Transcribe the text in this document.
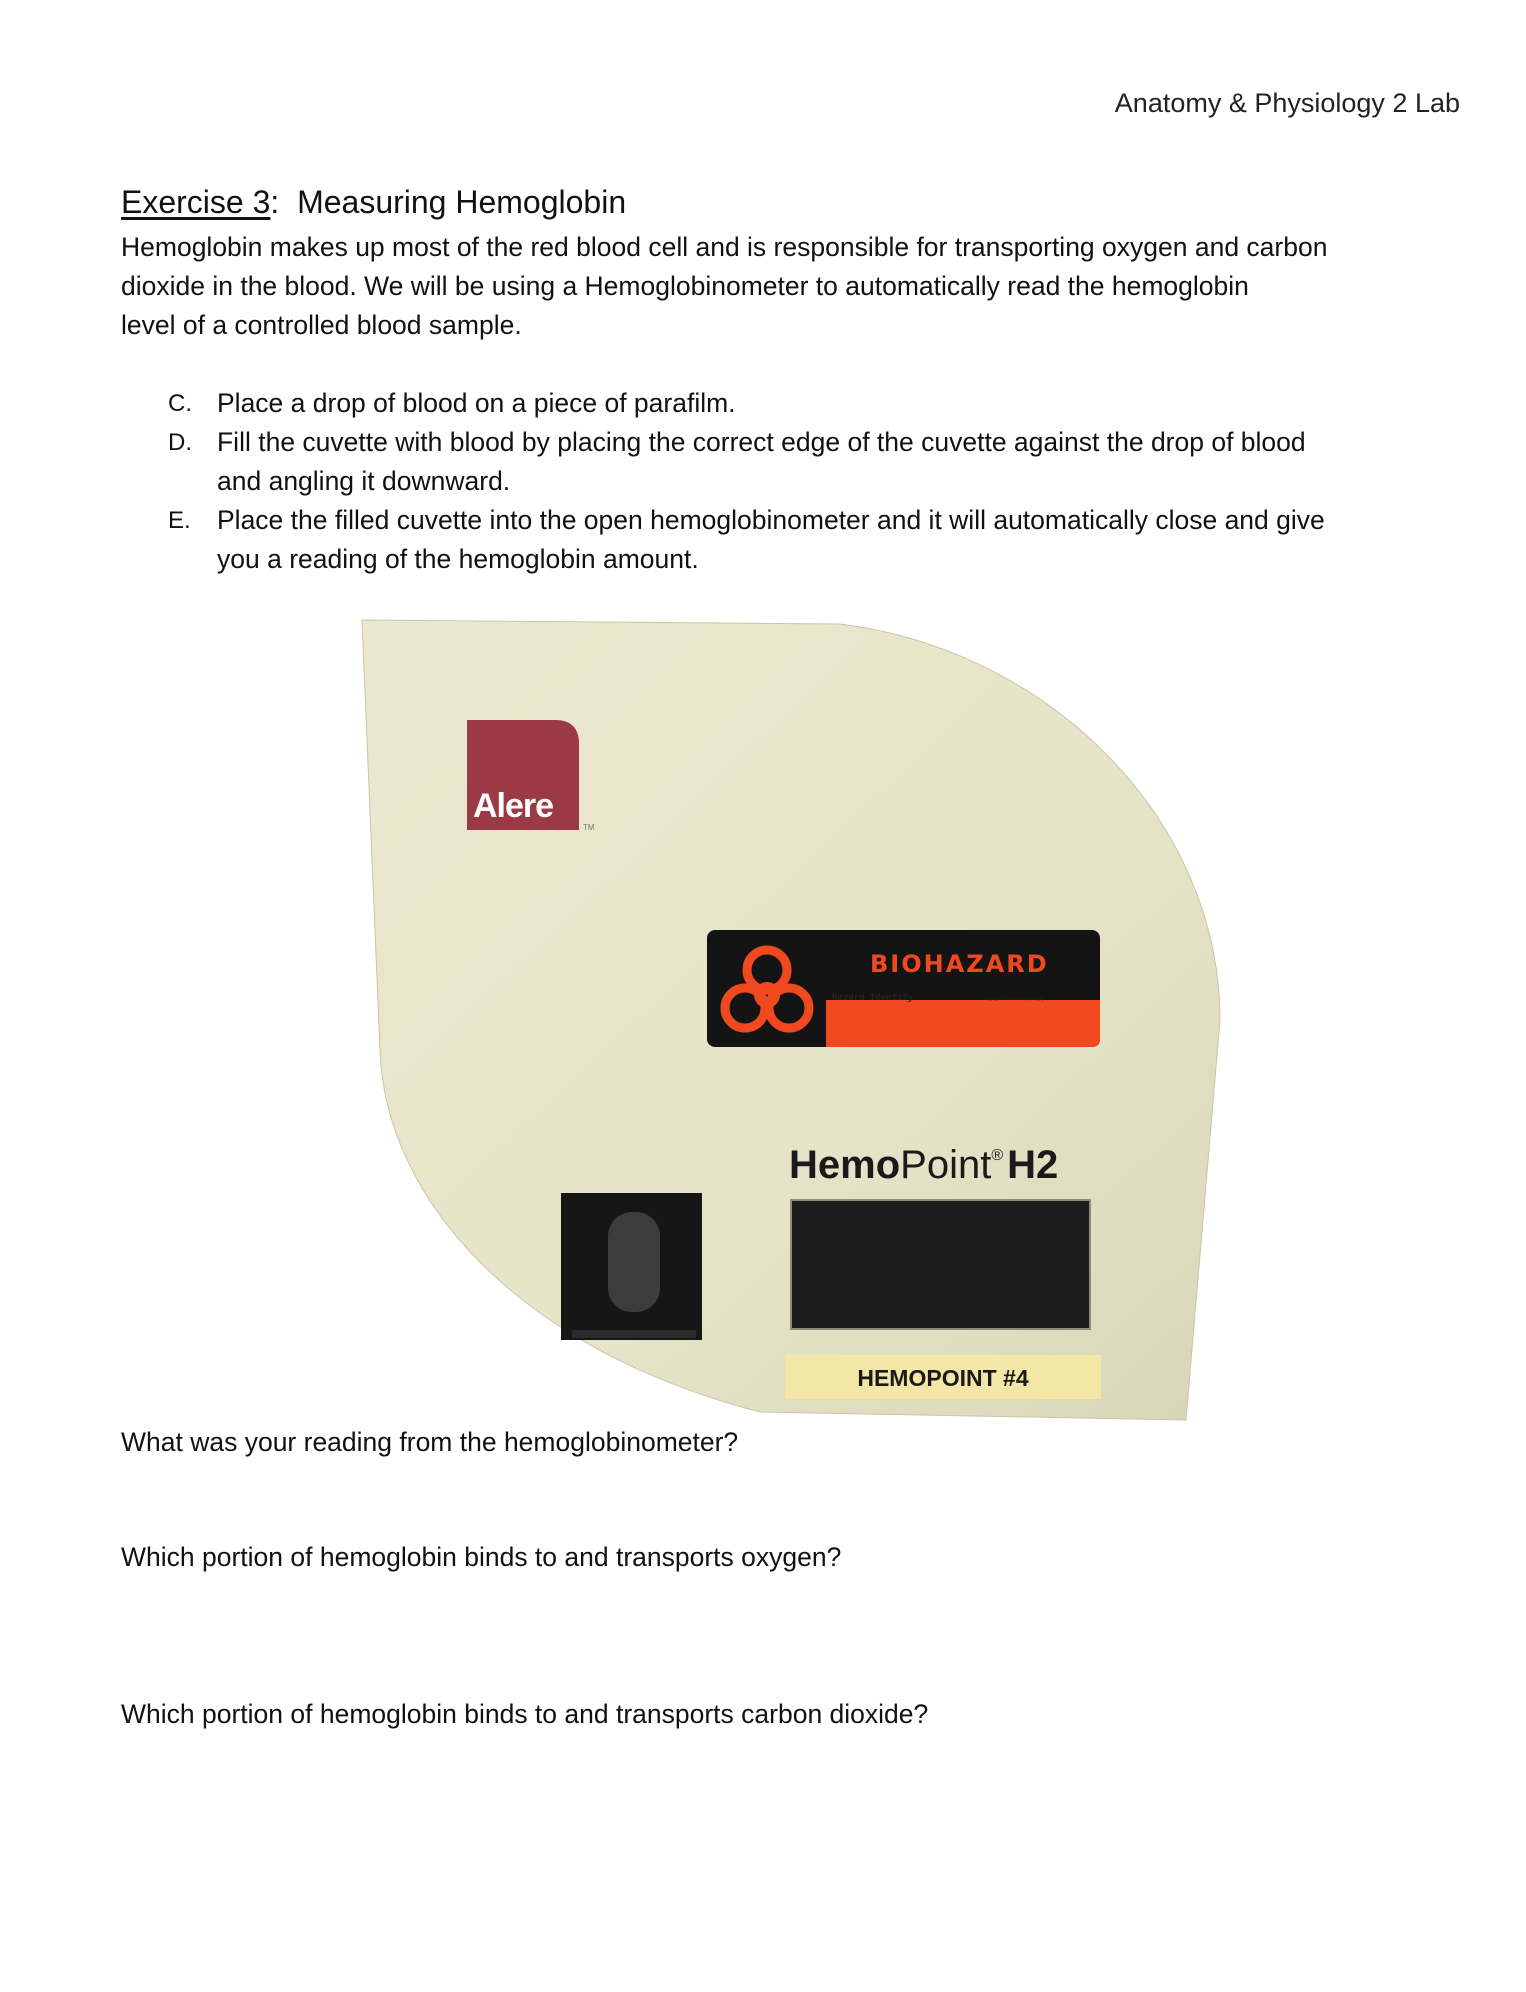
Anatomy & Physiology 2 Lab
Exercise 3: Measuring Hemoglobin
Hemoglobin makes up most of the red blood cell and is responsible for transporting oxygen and carbon
dioxide in the blood. We will be using a Hemoglobinometer to automatically read the hemoglobin
level of a controlled blood sample.
C. Place a drop of blood on a piece of parafilm.
D. Fill the cuvette with blood by placing the correct edge of the cuvette against the drop of blood
and angling it downward.
E. Place the filled cuvette into the open hemoglobinometer and it will automatically close and give
you a reading of the hemoglobin amount.
Alere
TM
BIOHAZARD
Hazard Identity	Copyright 1979 Lab Safety Supply
HemoPoint® H2
HEMOPOINT #4
What was your reading from the hemoglobinometer?
Which portion of hemoglobin binds to and transports oxygen?
Which portion of hemoglobin binds to and transports carbon dioxide?
